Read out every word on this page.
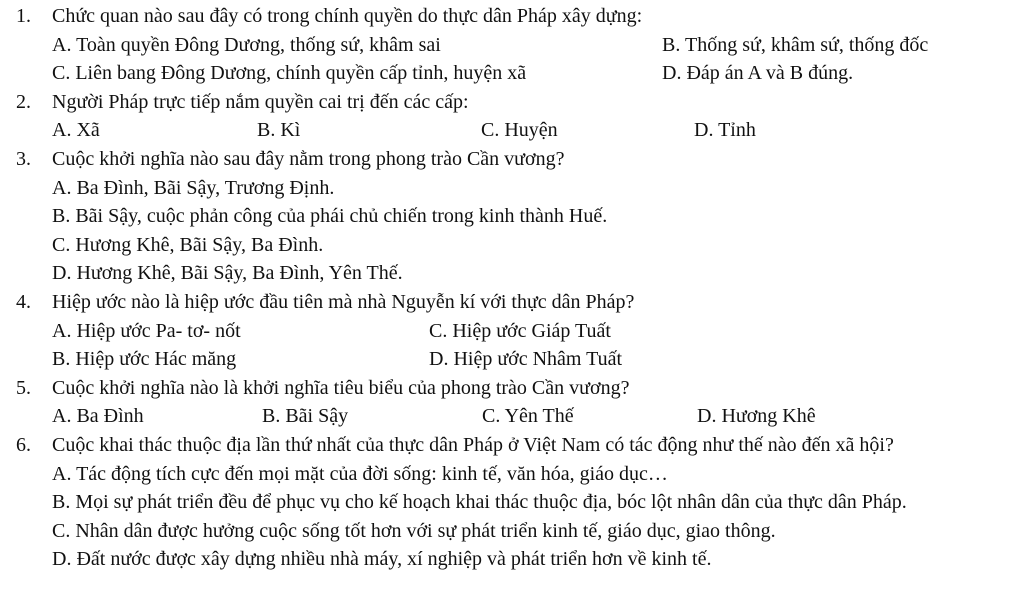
1. Chức quan nào sau đây có trong chính quyền do thực dân Pháp xây dựng:
A. Toàn quyền Đông Dương, thống sứ, khâm sai	B. Thống sứ, khâm sứ, thống đốc
C. Liên bang Đông Dương, chính quyền cấp tỉnh, huyện xã	D. Đáp án A và B đúng.
2. Người Pháp trực tiếp nắm quyền cai trị đến các cấp:
A. Xã	B. Kì	C. Huyện	D. Tỉnh
3. Cuộc khởi nghĩa nào sau đây nằm trong phong trào Cần vương?
A. Ba Đình, Bãi Sậy, Trương Định.
B. Bãi Sậy, cuộc phản công của phái chủ chiến trong kinh thành Huế.
C. Hương Khê, Bãi Sậy, Ba Đình.
D. Hương Khê, Bãi Sậy, Ba Đình, Yên Thế.
4. Hiệp ước nào là hiệp ước đầu tiên mà nhà Nguyễn kí với thực dân Pháp?
A. Hiệp ước Pa- tơ- nốt	C. Hiệp ước Giáp Tuất
B. Hiệp ước Hác măng	D. Hiệp ước Nhâm Tuất
5. Cuộc khởi nghĩa nào là khởi nghĩa tiêu biểu của phong trào Cần vương?
A. Ba Đình	B. Bãi Sậy	C. Yên Thế	D. Hương Khê
6. Cuộc khai thác thuộc địa lần thứ nhất của thực dân Pháp ở Việt Nam có tác động như thế nào đến xã hội?
A. Tác động tích cực đến mọi mặt của đời sống: kinh tế, văn hóa, giáo dục…
B. Mọi sự phát triển đều để phục vụ cho kế hoạch khai thác thuộc địa, bóc lột nhân dân của thực dân Pháp.
C. Nhân dân được hưởng cuộc sống tốt hơn với sự phát triển kinh tế, giáo dục, giao thông.
D. Đất nước được xây dựng nhiều nhà máy, xí nghiệp và phát triển hơn về kinh tế.
